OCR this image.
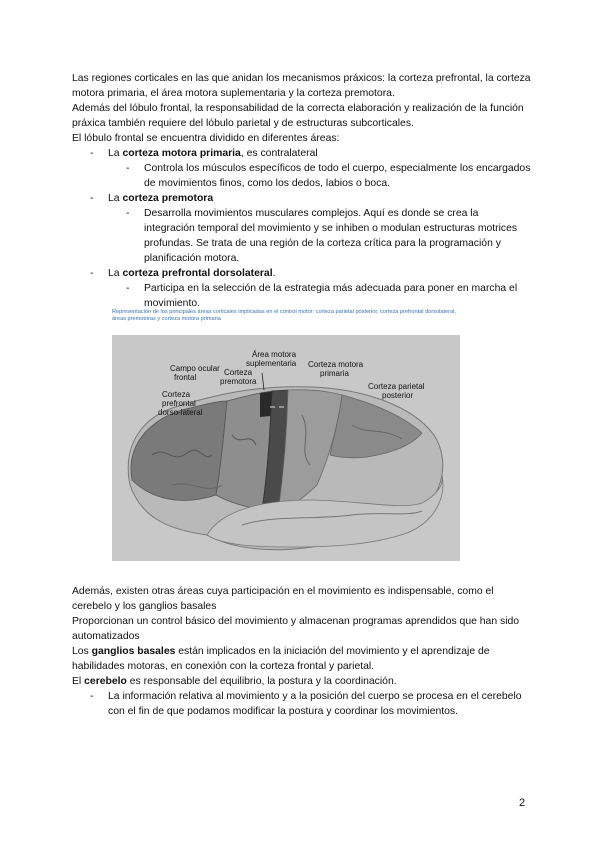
Las regiones corticales en las que anidan los mecanismos práxicos: la corteza prefrontal, la corteza motora primaria, el área motora suplementaria y la corteza premotora.

Además del lóbulo frontal, la responsabilidad de la correcta elaboración y realización de la función práxica también requiere del lóbulo parietal y de estructuras subcorticales.

El lóbulo frontal se encuentra dividido en diferentes áreas:

-	La corteza motora primaria, es contralateral
-	Controla los músculos específicos de todo el cuerpo, especialmente los encargados de movimientos finos, como los dedos, labios o boca.
-	La corteza premotora
-	Desarrolla movimientos musculares complejos. Aquí es donde se crea la integración temporal del movimiento y se inhiben o modulan estructuras motrices profundas. Se trata de una región de la corteza crítica para la programación y planificación motora.
-	La corteza prefrontal dorsolateral.
-	Participa en la selección de la estrategia más adecuada para poner en marcha el movimiento.
Representación de los principales áreas corticales implicadas en el control motor: corteza parietal posterior, corteza prefrontal dorsolateral, áreas premotoras y corteza motora primaria
Campo ocular
frontal
Corteza
premotora
Área motora
suplementaria Corteza motora
primaria
Corteza
prefrontal
dorso-lateral
Corteza parietal
posterior

Además, existen otras áreas cuya participación en el movimiento es indispensable, como el cerebelo y los ganglios basales

Proporcionan un control básico del movimiento y almacenan programas aprendidos que han sido automatizados

Los ganglios basales están implicados en la iniciación del movimiento y el aprendizaje de habilidades motoras, en conexión con la corteza frontal y parietal.

El cerebelo es responsable del equilibrio, la postura y la coordinación.

-	La información relativa al movimiento y a la posición del cuerpo se procesa en el cerebelo con el fin de que podamos modificar la postura y coordinar los movimientos.
2
